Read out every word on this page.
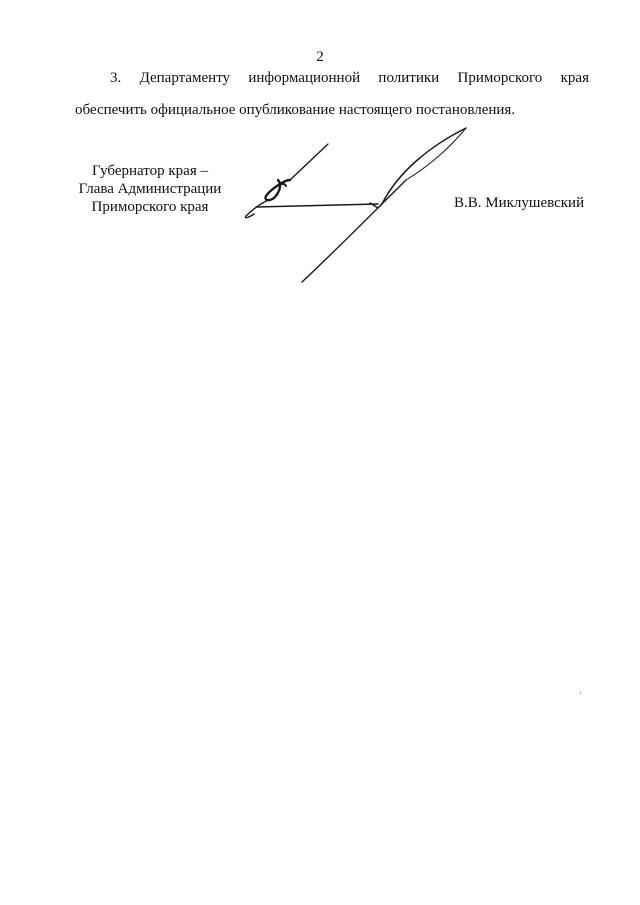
2
3. Департаменту информационной политики Приморского края
обеспечить официальное опубликование настоящего постановления.
Губернатор края –
Глава Администрации
Приморского края	В.В. Миклушевский
